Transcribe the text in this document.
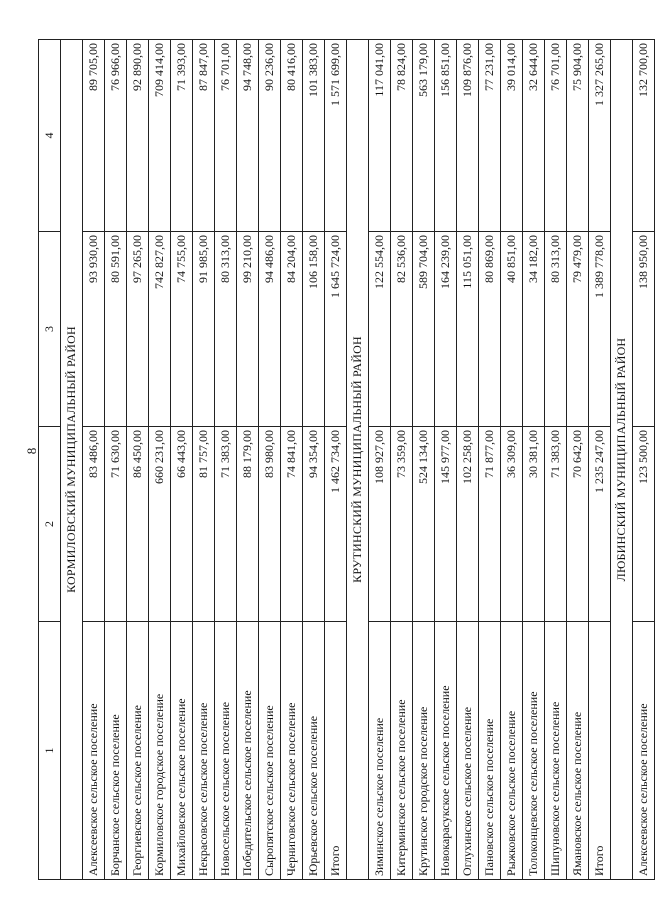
8
1	2	3	4
КОРМИЛОВСКИЙ МУНИЦИПАЛЬНЫЙ РАЙОН			
Алексеевское сельское поселение	83 486,00	93 930,00	89 705,00
Борчанское сельское поселение	71 630,00	80 591,00	76 966,00
Георгиевское сельское поселение	86 450,00	97 265,00	92 890,00
Кормиловское городское поселение	660 231,00	742 827,00	709 414,00
Михайловское сельское поселение	66 443,00	74 755,00	71 393,00
Некрасовское сельское поселение	81 757,00	91 985,00	87 847,00
Новосельское сельское поселение	71 383,00	80 313,00	76 701,00
Победительское сельское поселение	88 179,00	99 210,00	94 748,00
Сыропятское сельское поселение	83 980,00	94 486,00	90 236,00
Черниговское сельское поселение	74 841,00	84 204,00	80 416,00
Юрьевское сельское поселение	94 354,00	106 158,00	101 383,00
Итого	1 462 734,00	1 645 724,00	1 571 699,00
КРУТИНСКИЙ МУНИЦИПАЛЬНЫЙ РАЙОН			
Зиминское сельское поселение	108 927,00	122 554,00	117 041,00
Китерминское сельское поселение	73 359,00	82 536,00	78 824,00
Крутинское городское поселение	524 134,00	589 704,00	563 179,00
Новокарасукское сельское поселение	145 977,00	164 239,00	156 851,00
Оглухинское сельское поселение	102 258,00	115 051,00	109 876,00
Пановское сельское поселение	71 877,00	80 869,00	77 231,00
Рыжковское сельское поселение	36 309,00	40 851,00	39 014,00
Толоконцевское сельское поселение	30 381,00	34 182,00	32 644,00
Шипуновское сельское поселение	71 383,00	80 313,00	76 701,00
Ямановское сельское поселение	70 642,00	79 479,00	75 904,00
Итого	1 235 247,00	1 389 778,00	1 327 265,00
ЛЮБИНСКИЙ МУНИЦИПАЛЬНЫЙ РАЙОН			
Алексеевское сельское поселение	123 500,00	138 950,00	132 700,00
